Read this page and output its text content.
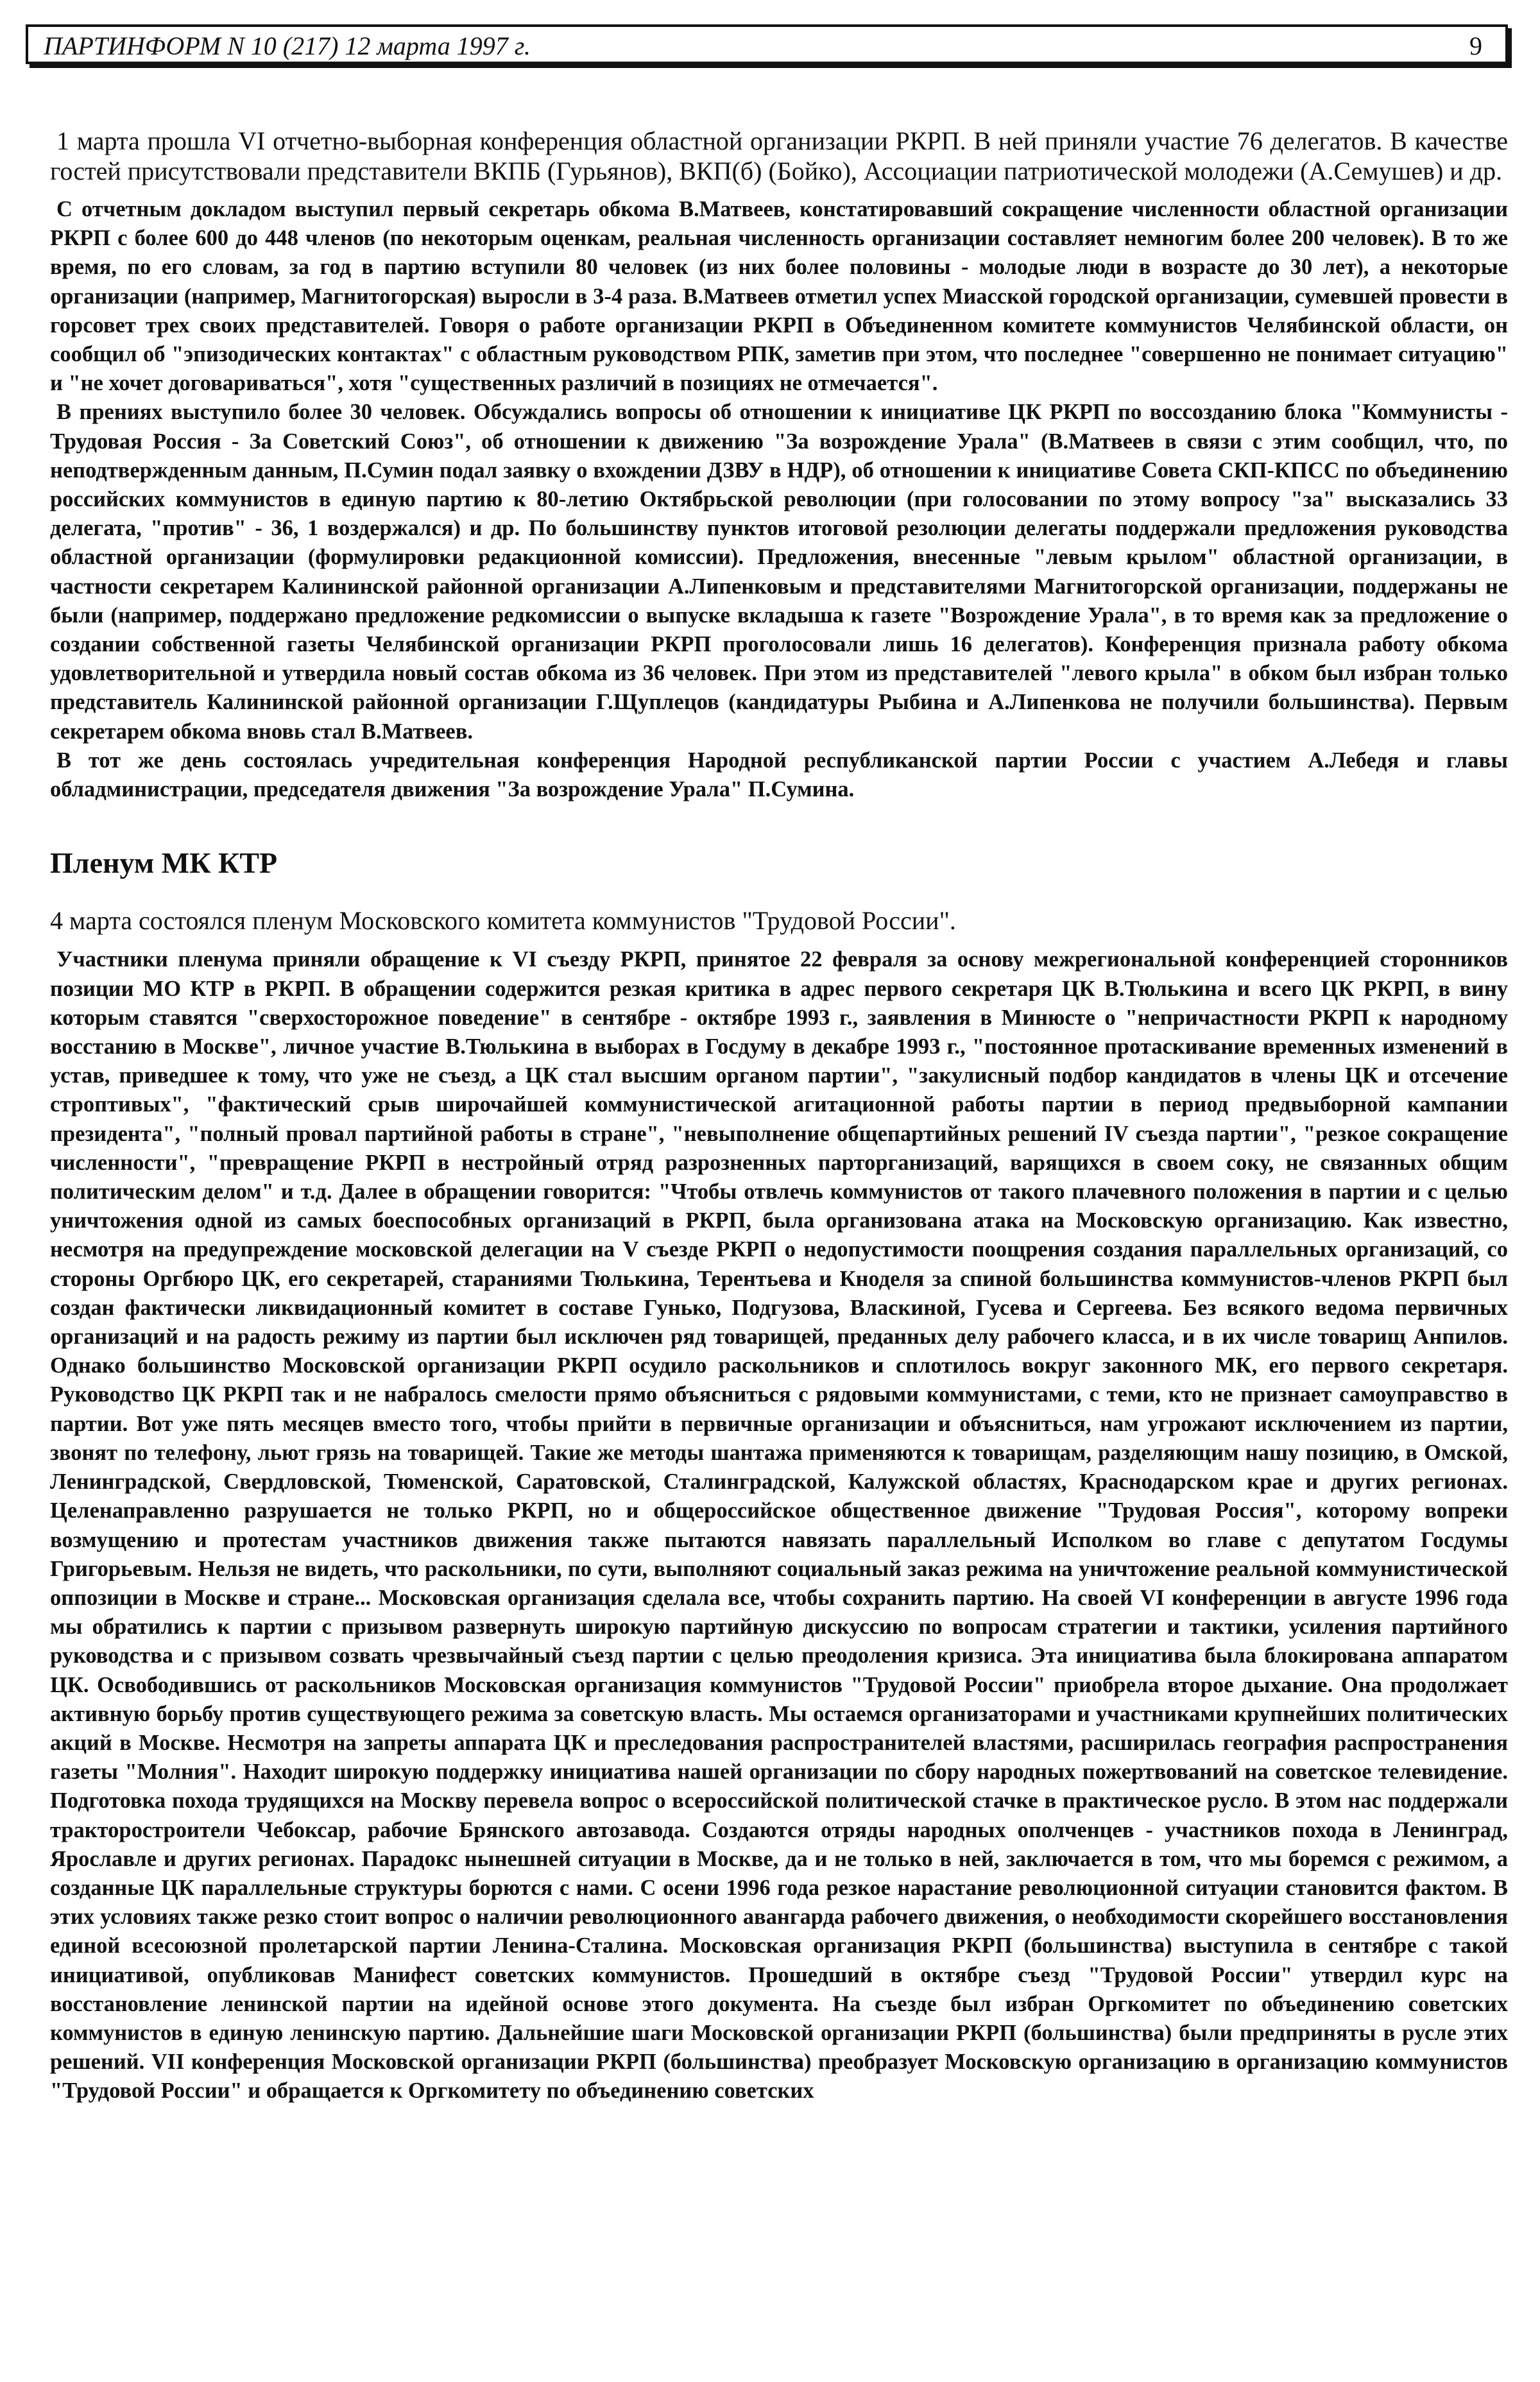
ПАРТИНФОРМ N 10 (217) 12 марта 1997 г.	9

1 марта прошла VI отчетно-выборная конференция областной организации РКРП. В ней приняли участие 76 делегатов. В качестве гостей присутствовали представители ВКПБ (Гурьянов), ВКП(б) (Бойко), Ассоциации патриотической молодежи (А.Семушев) и др.

С отчетным докладом выступил первый секретарь обкома В.Матвеев, констатировавший сокращение численности областной организации РКРП с более 600 до 448 членов (по некоторым оценкам, реальная численность организации составляет немногим более 200 человек). В то же время, по его словам, за год в партию вступили 80 человек (из них более половины - молодые люди в возрасте до 30 лет), а некоторые организации (например, Магнитогорская) выросли в 3-4 раза. В.Матвеев отметил успех Миасской городской организации, сумевшей провести в горсовет трех своих представителей. Говоря о работе организации РКРП в Объединенном комитете коммунистов Челябинской области, он сообщил об "эпизодических контактах" с областным руководством РПК, заметив при этом, что последнее "совершенно не понимает ситуацию" и "не хочет договариваться", хотя "существенных различий в позициях не отмечается".

В прениях выступило более 30 человек. Обсуждались вопросы об отношении к инициативе ЦК РКРП по воссозданию блока "Коммунисты - Трудовая Россия - За Советский Союз", об отношении к движению "За возрождение Урала" (В.Матвеев в связи с этим сообщил, что, по неподтвержденным данным, П.Сумин подал заявку о вхождении ДЗВУ в НДР), об отношении к инициативе Совета СКП-КПСС по объединению российских коммунистов в единую партию к 80-летию Октябрьской революции (при голосовании по этому вопросу "за" высказались 33 делегата, "против" - 36, 1 воздержался) и др. По большинству пунктов итоговой резолюции делегаты поддержали предложения руководства областной организации (формулировки редакционной комиссии). Предложения, внесенные "левым крылом" областной организации, в частности секретарем Калининской районной организации А.Липенковым и представителями Магнитогорской организации, поддержаны не были (например, поддержано предложение редкомиссии о выпуске вкладыша к газете "Возрождение Урала", в то время как за предложение о создании собственной газеты Челябинской организации РКРП проголосовали лишь 16 делегатов). Конференция признала работу обкома удовлетворительной и утвердила новый состав обкома из 36 человек. При этом из представителей "левого крыла" в обком был избран только представитель Калининской районной организации Г.Щуплецов (кандидатуры Рыбина и А.Липенкова не получили большинства). Первым секретарем обкома вновь стал В.Матвеев.

В тот же день состоялась учредительная конференция Народной республиканской партии России с участием А.Лебедя и главы обладминистрации, председателя движения "За возрождение Урала" П.Сумина.

Пленум МК КТР

4 марта состоялся пленум Московского комитета коммунистов "Трудовой России".

Участники пленума приняли обращение к VI съезду РКРП, принятое 22 февраля за основу межрегиональной конференцией сторонников позиции МО КТР в РКРП. В обращении содержится резкая критика в адрес первого секретаря ЦК В.Тюлькина и всего ЦК РКРП, в вину которым ставятся "сверхосторожное поведение" в сентябре - октябре 1993 г., заявления в Минюсте о "непричастности РКРП к народному восстанию в Москве", личное участие В.Тюлькина в выборах в Госдуму в декабре 1993 г., "постоянное протаскивание временных изменений в устав, приведшее к тому, что уже не съезд, а ЦК стал высшим органом партии", "закулисный подбор кандидатов в члены ЦК и отсечение строптивых", "фактический срыв широчайшей коммунистической агитационной работы партии в период предвыборной кампании президента", "полный провал партийной работы в стране", "невыполнение общепартийных решений IV съезда партии", "резкое сокращение численности", "превращение РКРП в нестройный отряд разрозненных парторганизаций, варящихся в своем соку, не связанных общим политическим делом" и т.д. Далее в обращении говорится: "Чтобы отвлечь коммунистов от такого плачевного положения в партии и с целью уничтожения одной из самых боеспособных организаций в РКРП, была организована атака на Московскую организацию. Как известно, несмотря на предупреждение московской делегации на V съезде РКРП о недопустимости поощрения создания параллельных организаций, со стороны Оргбюро ЦК, его секретарей, стараниями Тюлькина, Терентьева и Кноделя за спиной большинства коммунистов-членов РКРП был создан фактически ликвидационный комитет в составе Гунько, Подгузова, Власкиной, Гусева и Сергеева. Без всякого ведома первичных организаций и на радость режиму из партии был исключен ряд товарищей, преданных делу рабочего класса, и в их числе товарищ Анпилов. Однако большинство Московской организации РКРП осудило раскольников и сплотилось вокруг законного МК, его первого секретаря. Руководство ЦК РКРП так и не набралось смелости прямо объясниться с рядовыми коммунистами, с теми, кто не признает самоуправство в партии. Вот уже пять месяцев вместо того, чтобы прийти в первичные организации и объясниться, нам угрожают исключением из партии, звонят по телефону, льют грязь на товарищей. Такие же методы шантажа применяются к товарищам, разделяющим нашу позицию, в Омской, Ленинградской, Свердловской, Тюменской, Саратовской, Сталинградской, Калужской областях, Краснодарском крае и других регионах. Целенаправленно разрушается не только РКРП, но и общероссийское общественное движение "Трудовая Россия", которому вопреки возмущению и протестам участников движения также пытаются навязать параллельный Исполком во главе с депутатом Госдумы Григорьевым. Нельзя не видеть, что раскольники, по сути, выполняют социальный заказ режима на уничтожение реальной коммунистической оппозиции в Москве и стране... Московская организация сделала все, чтобы сохранить партию. На своей VI конференции в августе 1996 года мы обратились к партии с призывом развернуть широкую партийную дискуссию по вопросам стратегии и тактики, усиления партийного руководства и с призывом созвать чрезвычайный съезд партии с целью преодоления кризиса. Эта инициатива была блокирована аппаратом ЦК. Освободившись от раскольников Московская организация коммунистов "Трудовой России" приобрела второе дыхание. Она продолжает активную борьбу против существующего режима за советскую власть. Мы остаемся организаторами и участниками крупнейших политических акций в Москве. Несмотря на запреты аппарата ЦК и преследования распространителей властями, расширилась география распространения газеты "Молния". Находит широкую поддержку инициатива нашей организации по сбору народных пожертвований на советское телевидение. Подготовка похода трудящихся на Москву перевела вопрос о всероссийской политической стачке в практическое русло. В этом нас поддержали тракторостроители Чебоксар, рабочие Брянского автозавода. Создаются отряды народных ополченцев - участников похода в Ленинград, Ярославле и других регионах. Парадокс нынешней ситуации в Москве, да и не только в ней, заключается в том, что мы боремся с режимом, а созданные ЦК параллельные структуры борются с нами. С осени 1996 года резкое нарастание революционной ситуации становится фактом. В этих условиях также резко стоит вопрос о наличии революционного авангарда рабочего движения, о необходимости скорейшего восстановления единой всесоюзной пролетарской партии Ленина-Сталина. Московская организация РКРП (большинства) выступила в сентябре с такой инициативой, опубликовав Манифест советских коммунистов. Прошедший в октябре съезд "Трудовой России" утвердил курс на восстановление ленинской партии на идейной основе этого документа. На съезде был избран Оргкомитет по объединению советских коммунистов в единую ленинскую партию. Дальнейшие шаги Московской организации РКРП (большинства) были предприняты в русле этих решений. VII конференция Московской организации РКРП (большинства) преобразует Московскую организацию в организацию коммунистов "Трудовой России" и обращается к Оргкомитету по объединению советских
